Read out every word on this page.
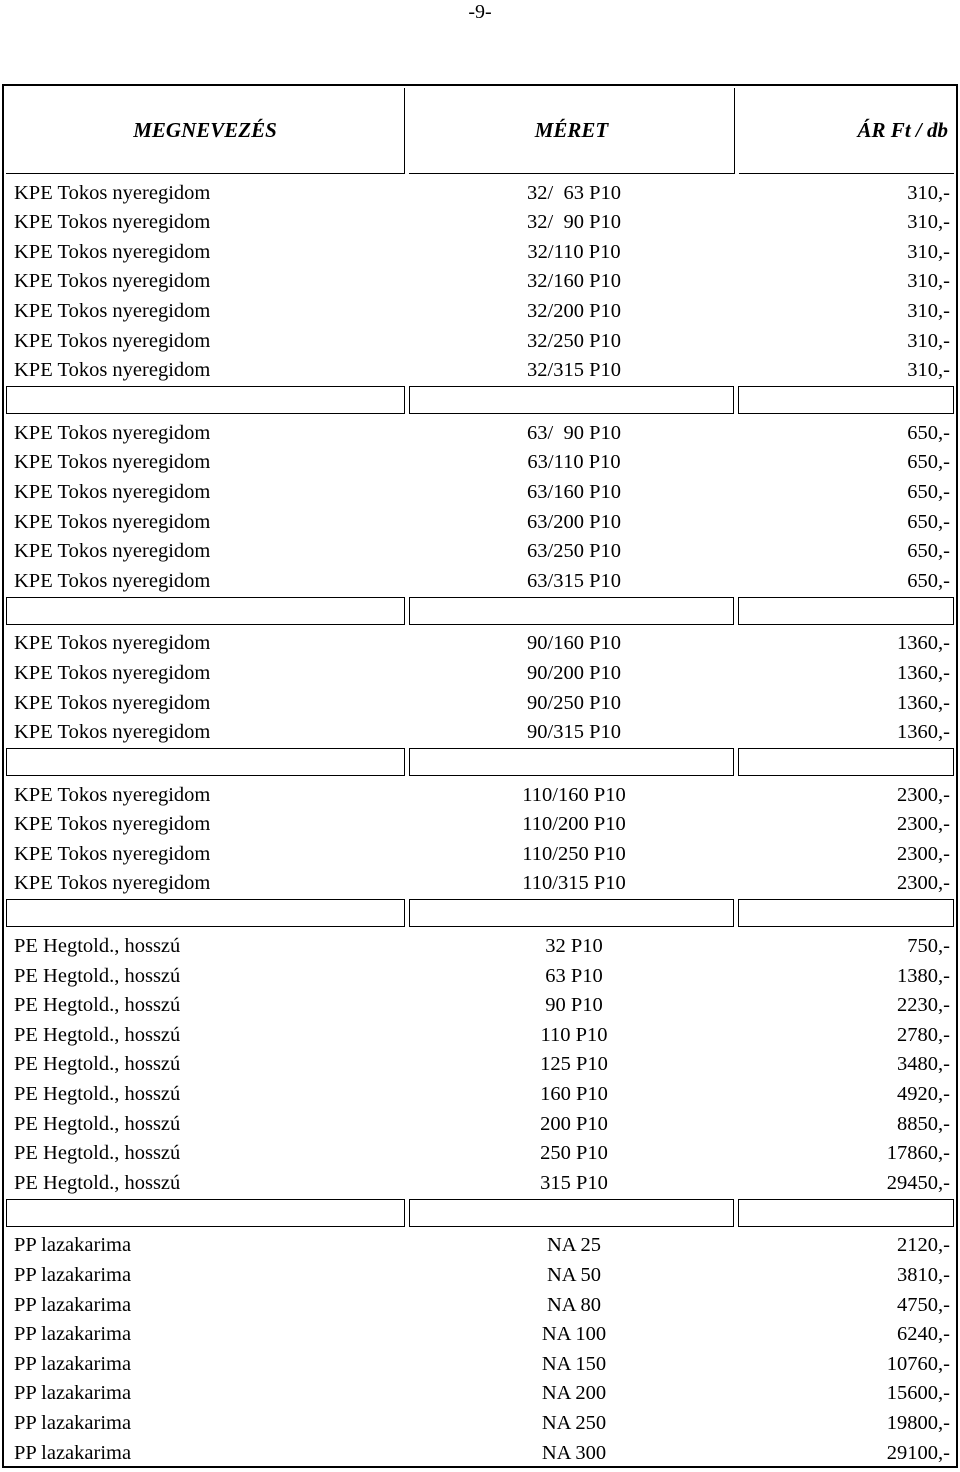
-9-
MEGNEVEZÉS	MÉRET	ÁR Ft / db
KPE Tokos nyeregidom	32/  63 P10	310,-
KPE Tokos nyeregidom	32/  90 P10	310,-
KPE Tokos nyeregidom	32/110 P10	310,-
KPE Tokos nyeregidom	32/160 P10	310,-
KPE Tokos nyeregidom	32/200 P10	310,-
KPE Tokos nyeregidom	32/250 P10	310,-
KPE Tokos nyeregidom	32/315 P10	310,-
KPE Tokos nyeregidom	63/  90 P10	650,-
KPE Tokos nyeregidom	63/110 P10	650,-
KPE Tokos nyeregidom	63/160 P10	650,-
KPE Tokos nyeregidom	63/200 P10	650,-
KPE Tokos nyeregidom	63/250 P10	650,-
KPE Tokos nyeregidom	63/315 P10	650,-
KPE Tokos nyeregidom	90/160 P10	1360,-
KPE Tokos nyeregidom	90/200 P10	1360,-
KPE Tokos nyeregidom	90/250 P10	1360,-
KPE Tokos nyeregidom	90/315 P10	1360,-
KPE Tokos nyeregidom	110/160 P10	2300,-
KPE Tokos nyeregidom	110/200 P10	2300,-
KPE Tokos nyeregidom	110/250 P10	2300,-
KPE Tokos nyeregidom	110/315 P10	2300,-
PE Hegtold., hosszú	32 P10	750,-
PE Hegtold., hosszú	63 P10	1380,-
PE Hegtold., hosszú	90 P10	2230,-
PE Hegtold., hosszú	110 P10	2780,-
PE Hegtold., hosszú	125 P10	3480,-
PE Hegtold., hosszú	160 P10	4920,-
PE Hegtold., hosszú	200 P10	8850,-
PE Hegtold., hosszú	250 P10	17860,-
PE Hegtold., hosszú	315 P10	29450,-
PP lazakarima	NA 25	2120,-
PP lazakarima	NA 50	3810,-
PP lazakarima	NA 80	4750,-
PP lazakarima	NA 100	6240,-
PP lazakarima	NA 150	10760,-
PP lazakarima	NA 200	15600,-
PP lazakarima	NA 250	19800,-
PP lazakarima	NA 300	29100,-
